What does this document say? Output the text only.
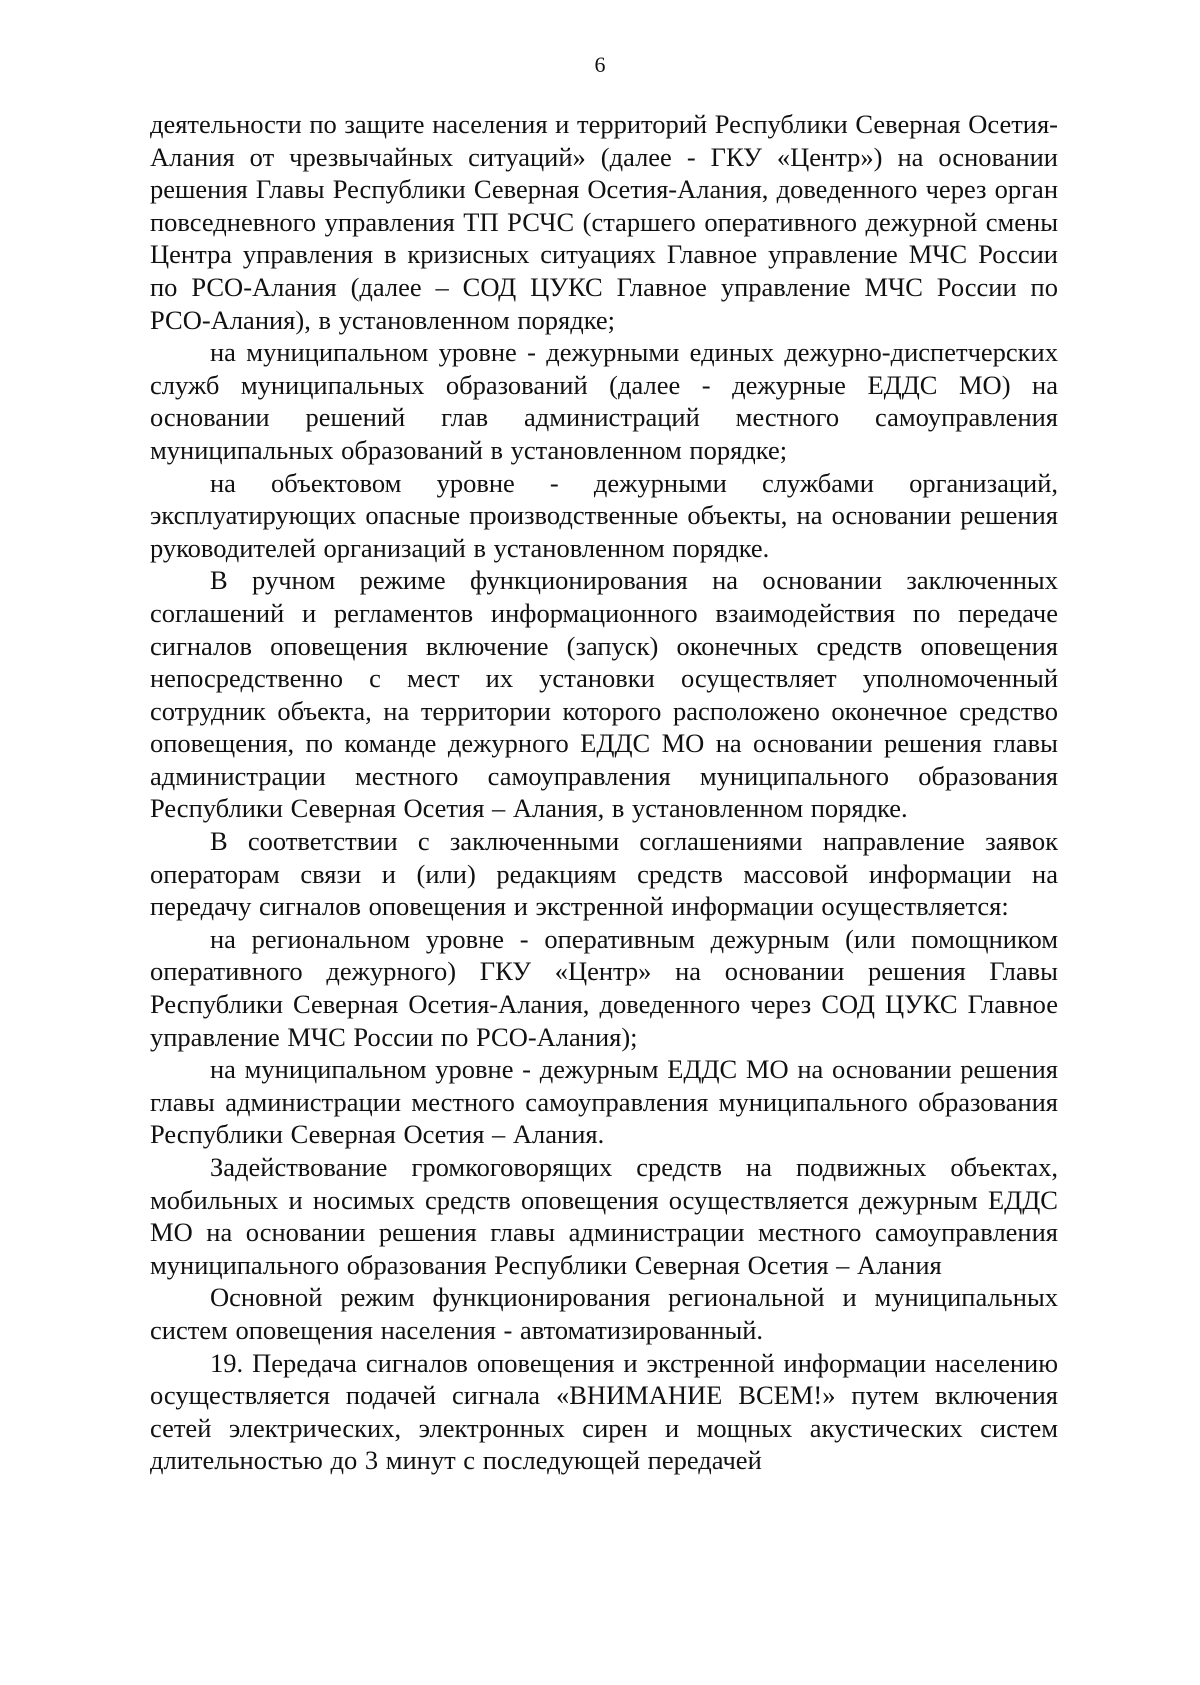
6

деятельности по защите населения и территорий Республики Северная Осетия-Алания от чрезвычайных ситуаций» (далее - ГКУ «Центр») на основании решения Главы Республики Северная Осетия-Алания, доведенного через орган повседневного управления ТП РСЧС (старшего оперативного дежурной смены Центра управления в кризисных ситуациях Главное управление МЧС России по РСО-Алания (далее – СОД ЦУКС Главное управление МЧС России по РСО-Алания), в установленном порядке;

на муниципальном уровне - дежурными единых дежурно-диспетчерских служб муниципальных образований (далее - дежурные ЕДДС МО) на основании решений глав администраций местного самоуправления муниципальных образований в установленном порядке;

на объектовом уровне - дежурными службами организаций, эксплуатирующих опасные производственные объекты, на основании решения руководителей организаций в установленном порядке.

В ручном режиме функционирования на основании заключенных соглашений и регламентов информационного взаимодействия по передаче сигналов оповещения включение (запуск) оконечных средств оповещения непосредственно с мест их установки осуществляет уполномоченный сотрудник объекта, на территории которого расположено оконечное средство оповещения, по команде дежурного ЕДДС МО на основании решения главы администрации местного самоуправления муниципального образования Республики Северная Осетия – Алания, в установленном порядке.

В соответствии с заключенными соглашениями направление заявок операторам связи и (или) редакциям средств массовой информации на передачу сигналов оповещения и экстренной информации осуществляется:

на региональном уровне - оперативным дежурным (или помощником оперативного дежурного) ГКУ «Центр» на основании решения Главы Республики Северная Осетия-Алания, доведенного через СОД ЦУКС Главное управление МЧС России по РСО-Алания);

на муниципальном уровне - дежурным ЕДДС МО на основании решения главы администрации местного самоуправления муниципального образования Республики Северная Осетия – Алания.

Задействование громкоговорящих средств на подвижных объектах, мобильных и носимых средств оповещения осуществляется дежурным ЕДДС МО на основании решения главы администрации местного самоуправления муниципального образования Республики Северная Осетия – Алания

Основной режим функционирования региональной и муниципальных систем оповещения населения - автоматизированный.

19. Передача сигналов оповещения и экстренной информации населению осуществляется подачей сигнала «ВНИМАНИЕ ВСЕМ!» путем включения сетей электрических, электронных сирен и мощных акустических систем длительностью до 3 минут с последующей передачей
